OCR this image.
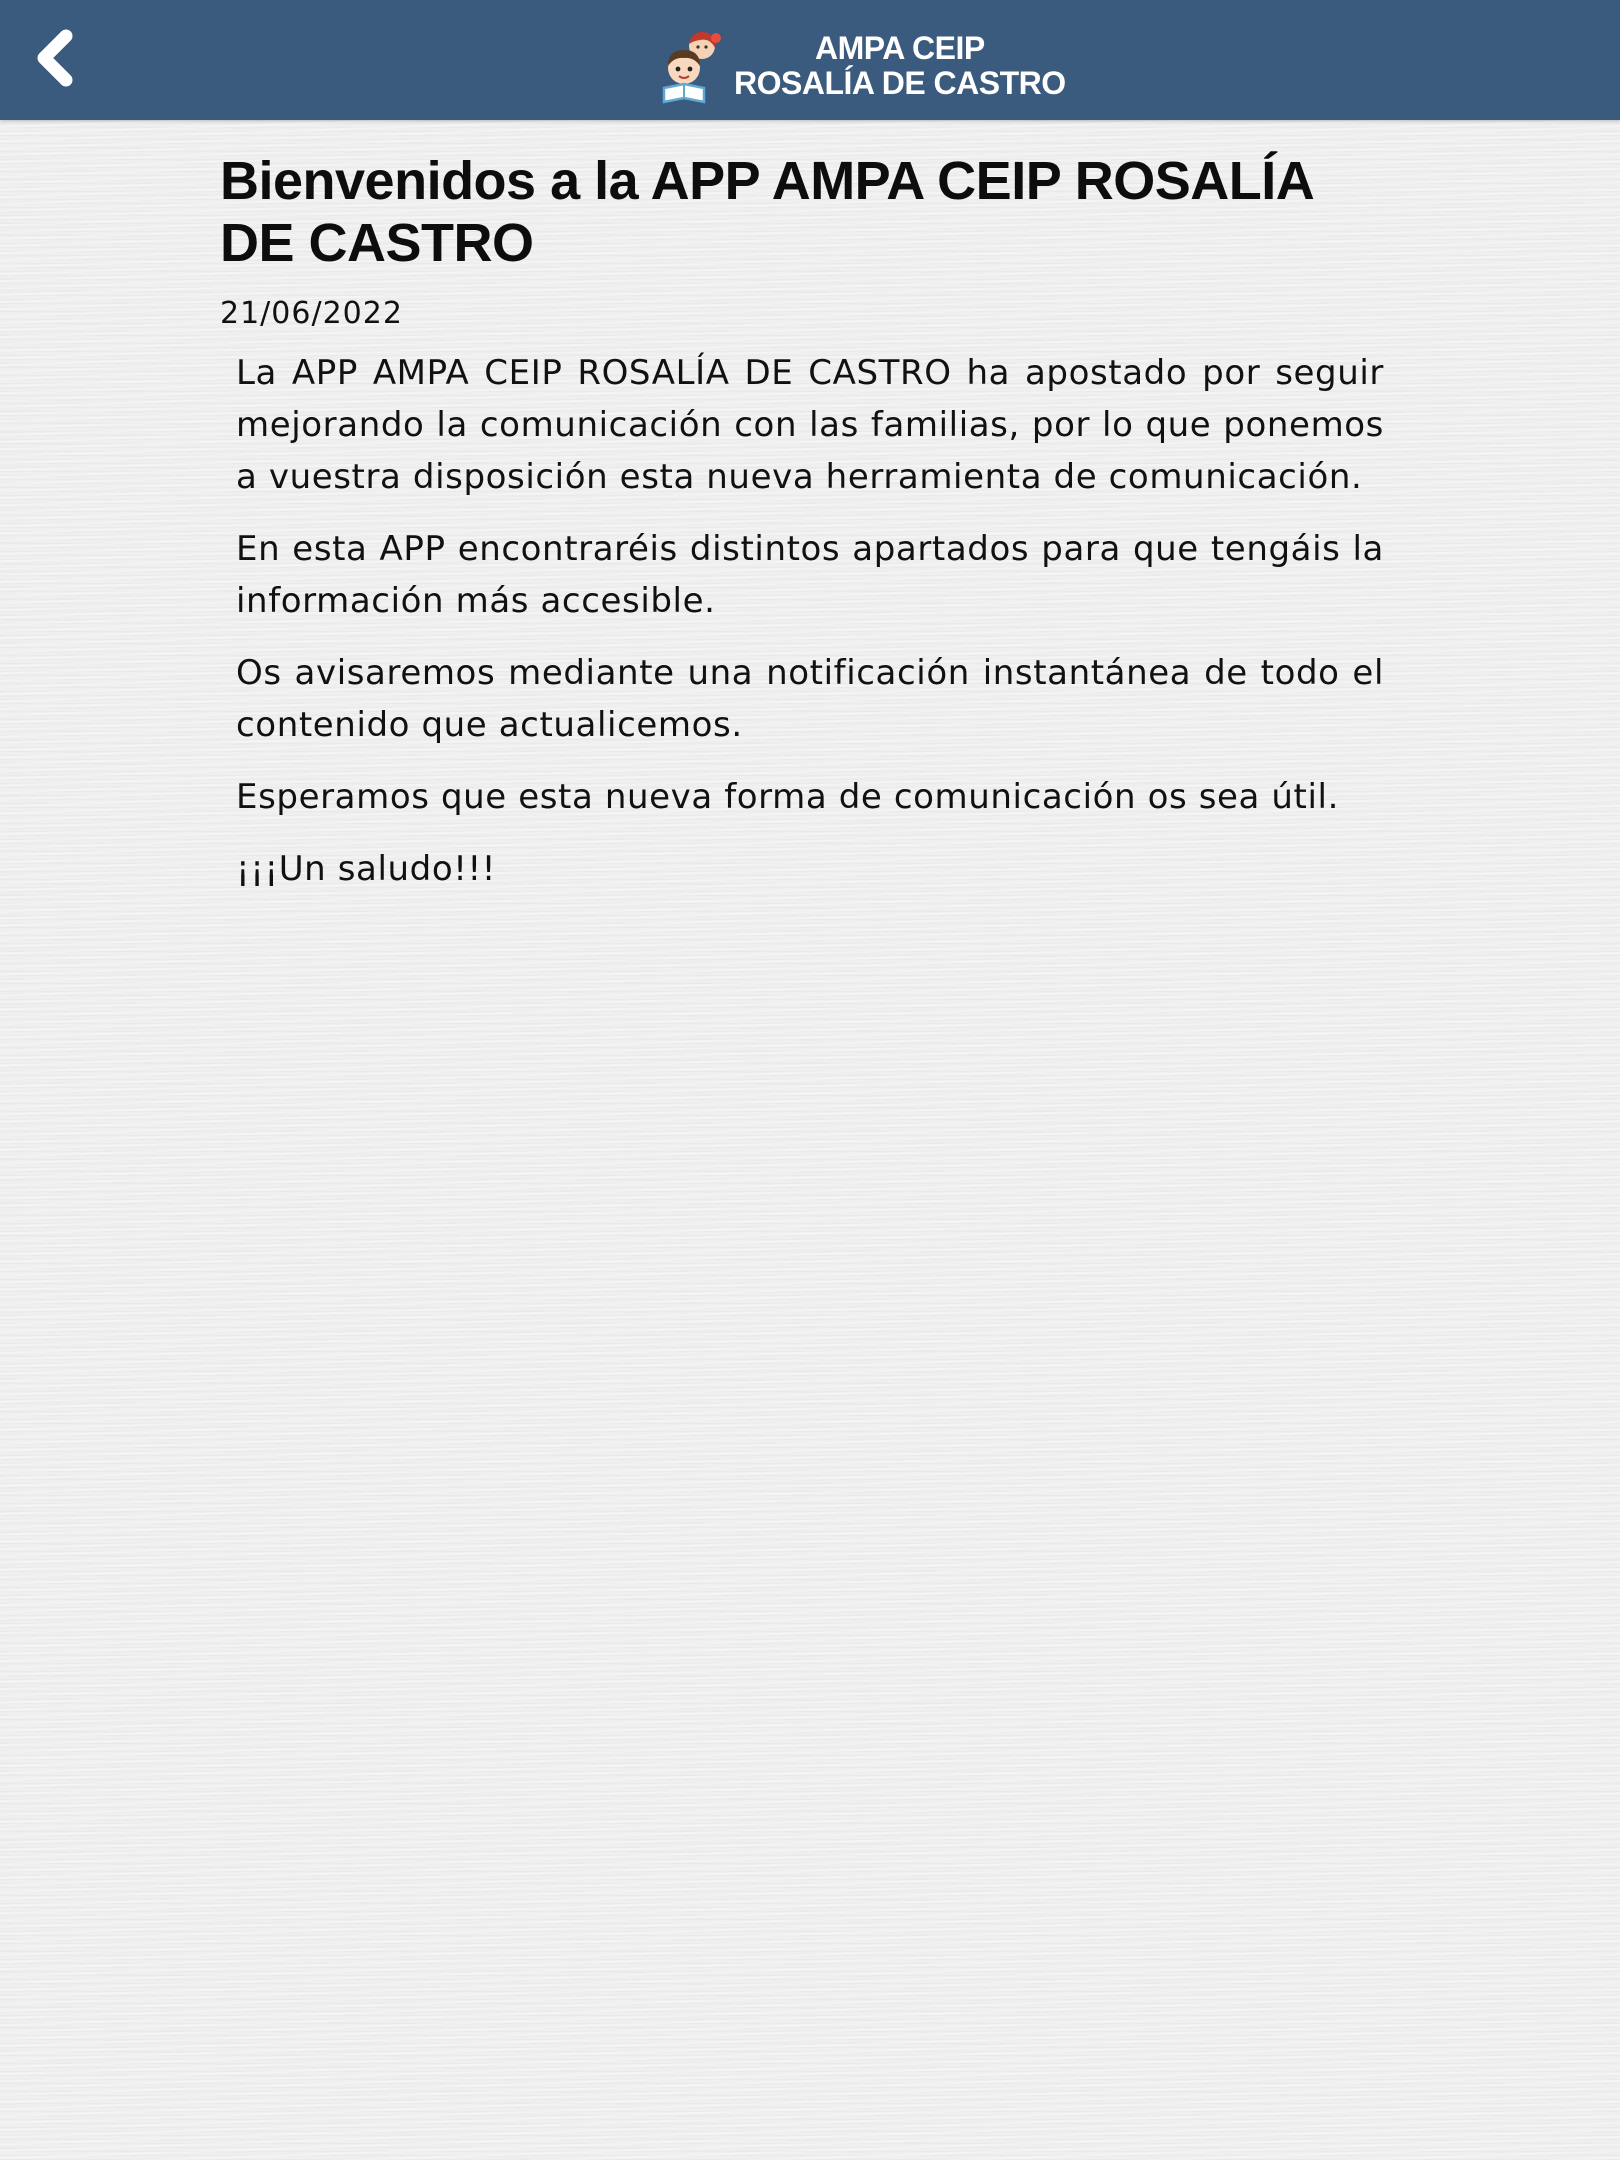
AMPA CEIP
ROSALÍA DE CASTRO
Bienvenidos a la APP AMPA CEIP ROSALÍA DE CASTRO
21/06/2022

La APP AMPA CEIP ROSALÍA DE CASTRO ha apostado por seguir mejorando la comunicación con las familias, por lo que ponemos a vuestra disposición esta nueva herramienta de comunicación.

En esta APP encontraréis distintos apartados para que tengáis la información más accesible.

Os avisaremos mediante una notificación instantánea de todo el contenido que actualicemos.

Esperamos que esta nueva forma de comunicación os sea útil.

¡¡¡Un saludo!!!
